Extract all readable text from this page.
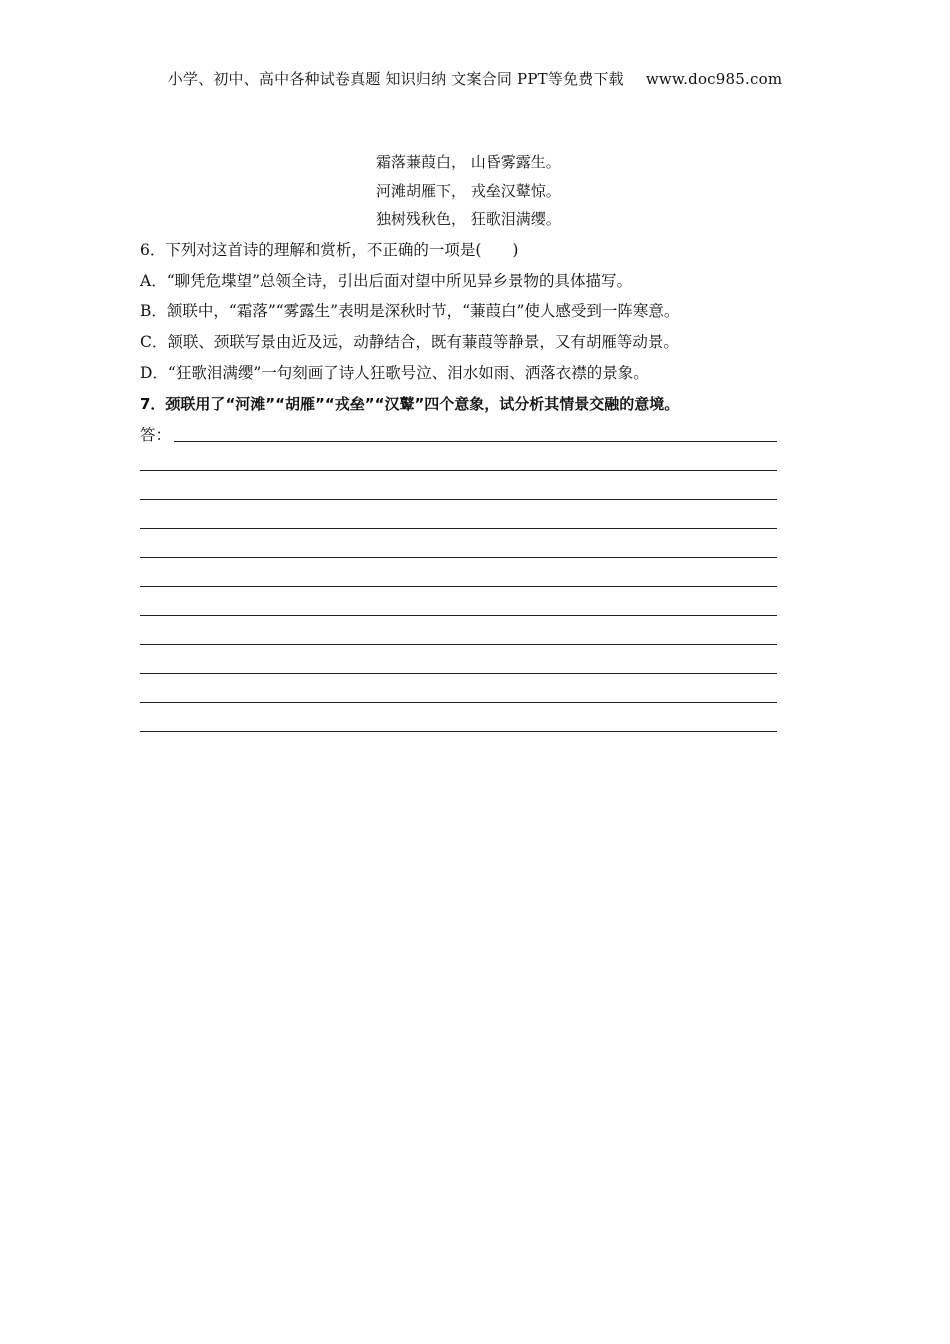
小学、初中、高中各种试卷真题 知识归纳 文案合同 PPT等免费下载 www.doc985.com
霜落蒹葭白， 山昏雾露生。
河滩胡雁下， 戎垒汉鼙惊。
独树残秋色， 狂歌泪满缨。
6．下列对这首诗的理解和赏析，不正确的一项是(　　)
A．“聊凭危堞望”总领全诗，引出后面对望中所见异乡景物的具体描写。
B．颔联中，“霜落”“雾露生”表明是深秋时节，“蒹葭白”使人感受到一阵寒意。
C．颔联、颈联写景由近及远，动静结合，既有蒹葭等静景，又有胡雁等动景。
D．“狂歌泪满缨”一句刻画了诗人狂歌号泣、泪水如雨、洒落衣襟的景象。
7．颈联用了“河滩”“胡雁”“戎垒”“汉鼙”四个意象，试分析其情景交融的意境。
答：
